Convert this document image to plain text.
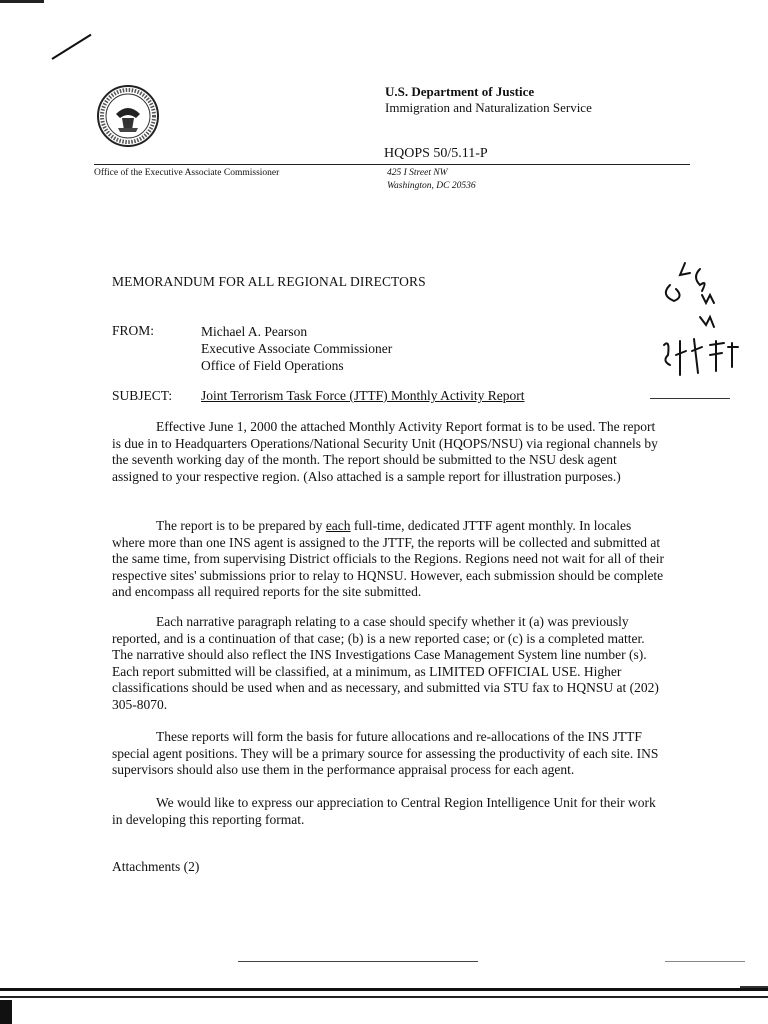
U.S. Department of Justice
Immigration and Naturalization Service
HQOPS 50/5.11-P
Office of the Executive Associate Commissioner	425 I Street NW
Washington, DC 20536
MEMORANDUM FOR ALL REGIONAL DIRECTORS
FROM:	Michael A. Pearson
Executive Associate Commissioner
Office of Field Operations
SUBJECT: Joint Terrorism Task Force (JTTF) Monthly Activity Report

Effective June 1, 2000 the attached Monthly Activity Report format is to be used. The report is due in to Headquarters Operations/National Security Unit (HQOPS/NSU) via regional channels by the seventh working day of the month. The report should be submitted to the NSU desk agent assigned to your respective region. (Also attached is a sample report for illustration purposes.)

The report is to be prepared by each full-time, dedicated JTTF agent monthly. In locales where more than one INS agent is assigned to the JTTF, the reports will be collected and submitted at the same time, from supervising District officials to the Regions. Regions need not wait for all of their respective sites' submissions prior to relay to HQNSU. However, each submission should be complete and encompass all required reports for the site submitted.

Each narrative paragraph relating to a case should specify whether it (a) was previously reported, and is a continuation of that case; (b) is a new reported case; or (c) is a completed matter. The narrative should also reflect the INS Investigations Case Management System line number (s). Each report submitted will be classified, at a minimum, as LIMITED OFFICIAL USE. Higher classifications should be used when and as necessary, and submitted via STU fax to HQNSU at (202) 305-8070.

These reports will form the basis for future allocations and re-allocations of the INS JTTF special agent positions. They will be a primary source for assessing the productivity of each site. INS supervisors should also use them in the performance appraisal process for each agent.

We would like to express our appreciation to Central Region Intelligence Unit for their work in developing this reporting format.

Attachments (2)
